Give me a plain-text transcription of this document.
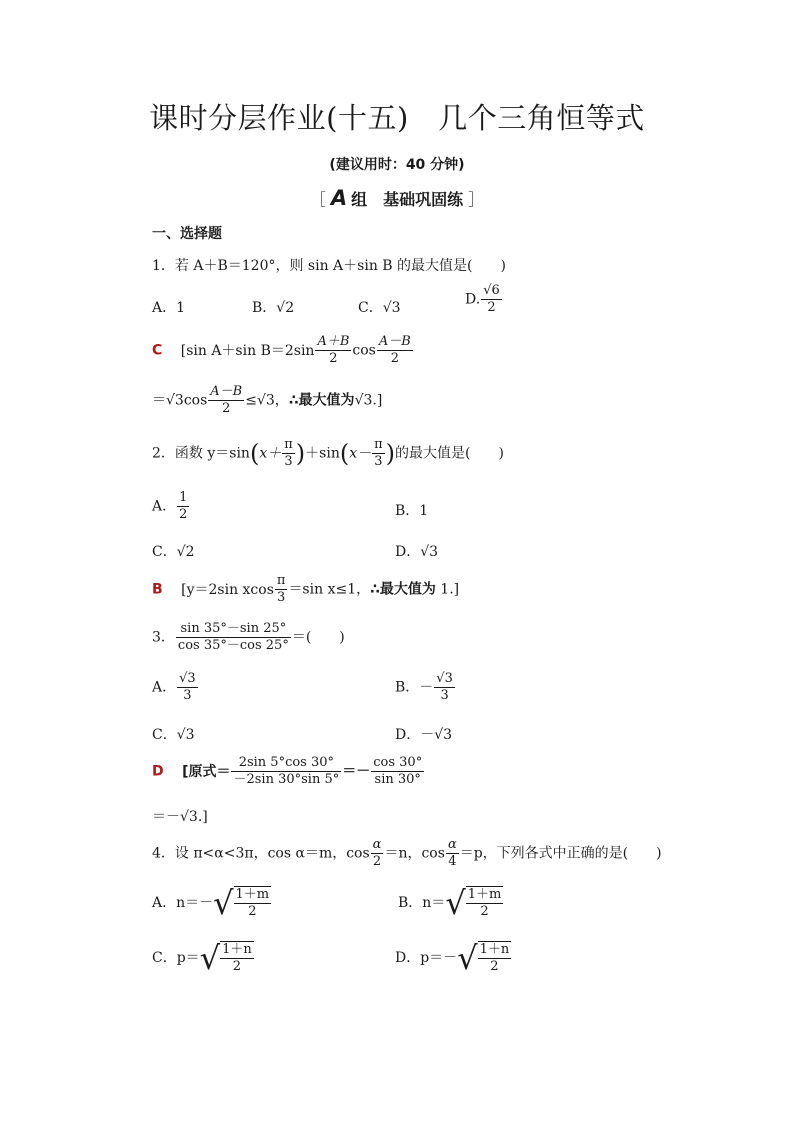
课时分层作业(十五)　几个三角恒等式
(建议用时：40 分钟)
［ A 组　基础巩固练 ］
一、选择题
1．若 A＋B＝120°，则 sin A＋sin B 的最大值是(　　)
A．1	B．√2	C．√3
D. $\frac{√6}{2}$
C [sin A＋sin $B=2\sin \frac{A+B}{2}$ $\cos \frac{A-B}{2}$
$=√3\cos \frac{A-B}{2} \le√3$，∴最大值为√3.]
2．函数 $y=\sin(x+ \frac{\pi}{3} )+\sin(x- \frac{\pi}{3}$ )的最大值是(　　)
A． $\frac{1}{2}$	B．1
C．√2	D．√3
B [y＝2sin xcos $\frac{\pi}{3} =\sin$ x≤1，∴最大值为 1.]
3． $\frac{\sin 35^\circ-\sin 25^\circ}{\cos 35^\circ-\cos 25^\circ}$ ＝(　　)
A． $\frac{√3}{3}$	B．－ $\frac{√3}{3}$
C．√3	D．－√3
D [原式＝ $\frac{2\sin 5^\circ\cos 30^\circ}{-2\sin 30^\circ\sin 5^\circ} =- \frac{\cos 30^\circ}{\sin 30^\circ}$
＝－√3.]
4．设 π<α<3π，cos α＝m，$\cos \frac{\alpha}{2} =n$，$\cos \frac{\alpha}{4} =p$，下列各式中正确的是(　　)
A．$n=-√ \frac{1+m}{2}$	B．$n=√ \frac{1+m}{2}$
C．$p=√ \frac{1+n}{2}$	D．$p=-√ \frac{1+n}{2}$
